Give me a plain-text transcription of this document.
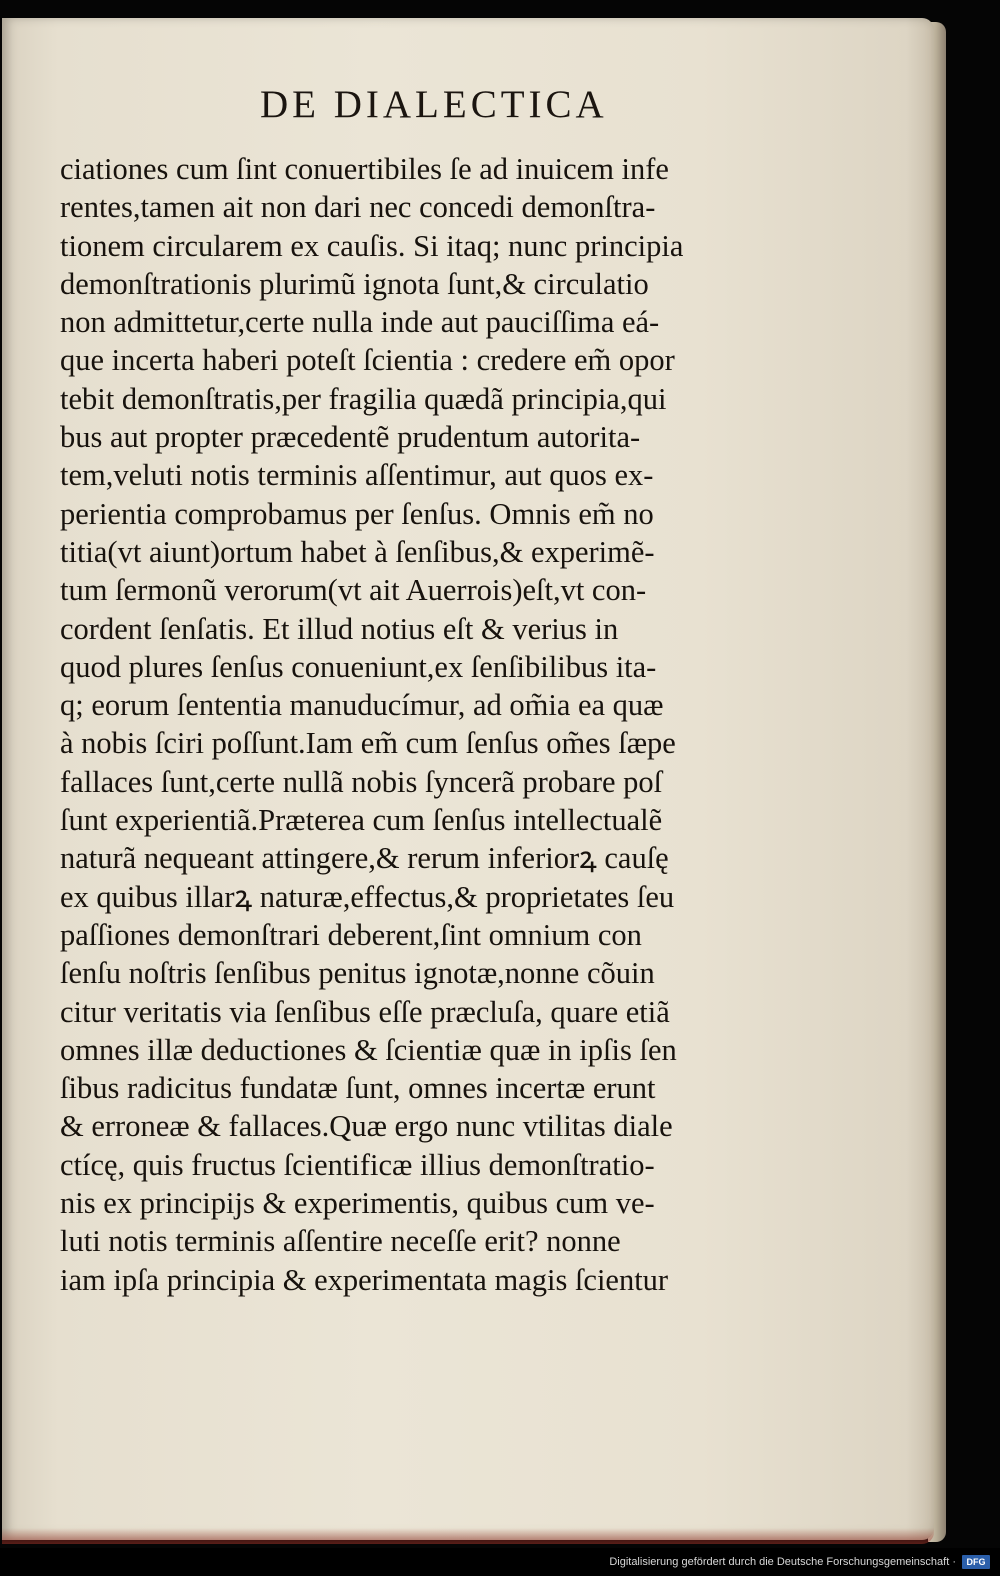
DE DIALECTICA
ciationes cum ſint conuertibiles ſe ad inuicem infe
rentes,tamen ait non dari nec concedi demonſtra-
tionem circularem ex cauſis. Si itaq; nunc principia
demonſtrationis plurimũ ignota ſunt,& circulatio
non admittetur,certe nulla inde aut pauciſſima eá-
que incerta haberi poteſt ſcientia : credere em̃ opor
tebit demonſtratis,per fragilia quædã principia,qui
bus aut propter præcedentẽ prudentum autorita-
tem,veluti notis terminis aſſentimur, aut quos ex-
perientia comprobamus per ſenſus. Omnis em̃ no
titia(vt aiunt)ortum habet à ſenſibus,& experimẽ-
tum ſermonũ verorum(vt ait Auerrois)eſt,vt con-
cordent ſenſatis. Et illud notius eſt & verius in
quod plures ſenſus conueniunt,ex ſenſibilibus ita-
q; eorum ſententia manuducímur, ad om̃ia ea quæ
à nobis ſciri poſſunt.Iam em̃ cum ſenſus om̃es ſæpe
fallaces ſunt,certe nullã nobis ſyncerã probare poſ
ſunt experientiã.Præterea cum ſenſus intellectualẽ
naturã nequeant attingere,& rerum inferiorꝝ cauſę
ex quibus illarꝝ naturæ,effectus,& proprietates ſeu
paſſiones demonſtrari deberent,ſint omnium con
ſenſu noſtris ſenſibus penitus ignotæ,nonne cõuin
citur veritatis via ſenſibus eſſe præcluſa, quare etiã
omnes illæ deductiones & ſcientiæ quæ in ipſis ſen
ſibus radicitus fundatæ ſunt, omnes incertæ erunt
& erroneæ & fallaces.Quæ ergo nunc vtilitas diale
ctícę, quis fructus ſcientificæ illius demonſtratio-
nis ex principijs & experimentis, quibus cum ve-
luti notis terminis aſſentire neceſſe erit? nonne
iam ipſa principia & experimentata magis ſcientur
Digitalisierung gefördert durch die Deutsche Forschungsgemeinschaft ·	DFG
